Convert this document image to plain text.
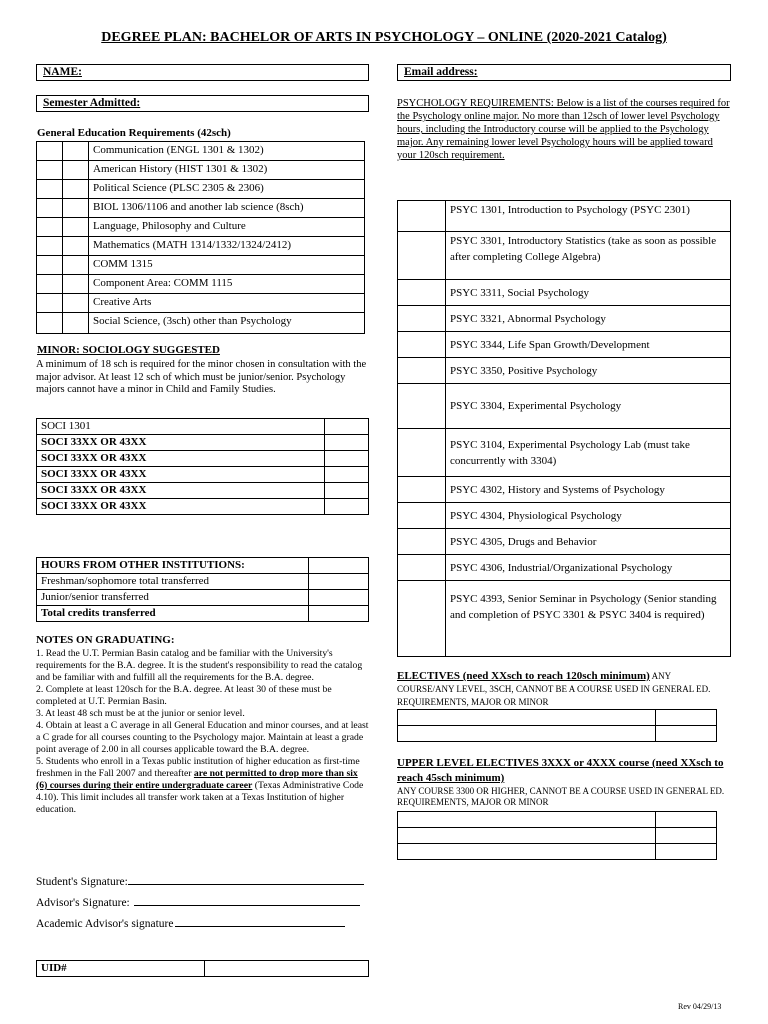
DEGREE PLAN: BACHELOR OF ARTS IN PSYCHOLOGY – ONLINE (2020-2021 Catalog)
NAME:
Semester Admitted:
General Education Requirements (42sch)
		Communication (ENGL 1301 & 1302)
		American History (HIST 1301 & 1302)
		Political Science (PLSC 2305 & 2306)
		BIOL 1306/1106 and another lab science (8sch)
		Language, Philosophy and Culture
		Mathematics (MATH 1314/1332/1324/2412)
		COMM 1315
		Component Area: COMM 1115
		Creative Arts
		Social Science, (3sch) other than Psychology
MINOR: SOCIOLOGY SUGGESTED
A minimum of 18 sch is required for the minor chosen in consultation with the major advisor. At least 12 sch of which must be junior/senior. Psychology majors cannot have a minor in Child and Family Studies.
SOCI 1301	
SOCI 33XX OR 43XX	
SOCI 33XX OR 43XX	
SOCI 33XX OR 43XX	
SOCI 33XX OR 43XX	
SOCI 33XX OR 43XX	
HOURS FROM OTHER INSTITUTIONS:	
Freshman/sophomore total transferred	
Junior/senior transferred	
Total credits transferred	
NOTES ON GRADUATING:

1. Read the U.T. Permian Basin catalog and be familiar with the University's requirements for the B.A. degree. It is the student's responsibility to read the catalog and be familiar with and fulfill all the requirements for the B.A. degree.

2. Complete at least 120sch for the B.A. degree. At least 30 of these must be completed at U.T. Permian Basin.

3. At least 48 sch must be at the junior or senior level.

4. Obtain at least a C average in all General Education and minor courses, and at least a C grade for all courses counting to the Psychology major. Maintain at least a grade point average of 2.00 in all courses applicable toward the B.A. degree.

5. Students who enroll in a Texas public institution of higher education as first-time freshmen in the Fall 2007 and thereafter are not permitted to drop more than six (6) courses during their entire undergraduate career (Texas Administrative Code 4.10). This limit includes all transfer work taken at a Texas Institution of higher education.

Student's Signature:
Advisor's Signature:
Academic Advisor's signature
UID#	
Email address:
PSYCHOLOGY REQUIREMENTS: Below is a list of the courses required for the Psychology online major. No more than 12sch of lower level Psychology hours, including the Introductory course will be applied to the Psychology major. Any remaining lower level Psychology hours will be applied toward your 120sch requirement.
	PSYC 1301, Introduction to Psychology (PSYC 2301)
	PSYC 3301, Introductory Statistics (take as soon as possible after completing College Algebra)
	PSYC 3311, Social Psychology
	PSYC 3321, Abnormal Psychology
	PSYC 3344, Life Span Growth/Development
	PSYC 3350, Positive Psychology
	PSYC 3304, Experimental Psychology
	PSYC 3104, Experimental Psychology Lab (must take concurrently with 3304)
	PSYC 4302, History and Systems of Psychology
	PSYC 4304, Physiological Psychology
	PSYC 4305, Drugs and Behavior
	PSYC 4306, Industrial/Organizational Psychology
	PSYC 4393, Senior Seminar in Psychology (Senior standing and completion of PSYC 3301 & PSYC 3404 is required)
ELECTIVES (need XXsch to reach 120sch minimum) ANY COURSE/ANY LEVEL, 3SCH, CANNOT BE A COURSE USED IN GENERAL ED. REQUIREMENTS, MAJOR OR MINOR

UPPER LEVEL ELECTIVES 3XXX or 4XXX course (need XXsch to reach 45sch minimum)
ANY COURSE 3300 OR HIGHER, CANNOT BE A COURSE USED IN GENERAL ED. REQUIREMENTS, MAJOR OR MINOR

Rev 04/29/13
